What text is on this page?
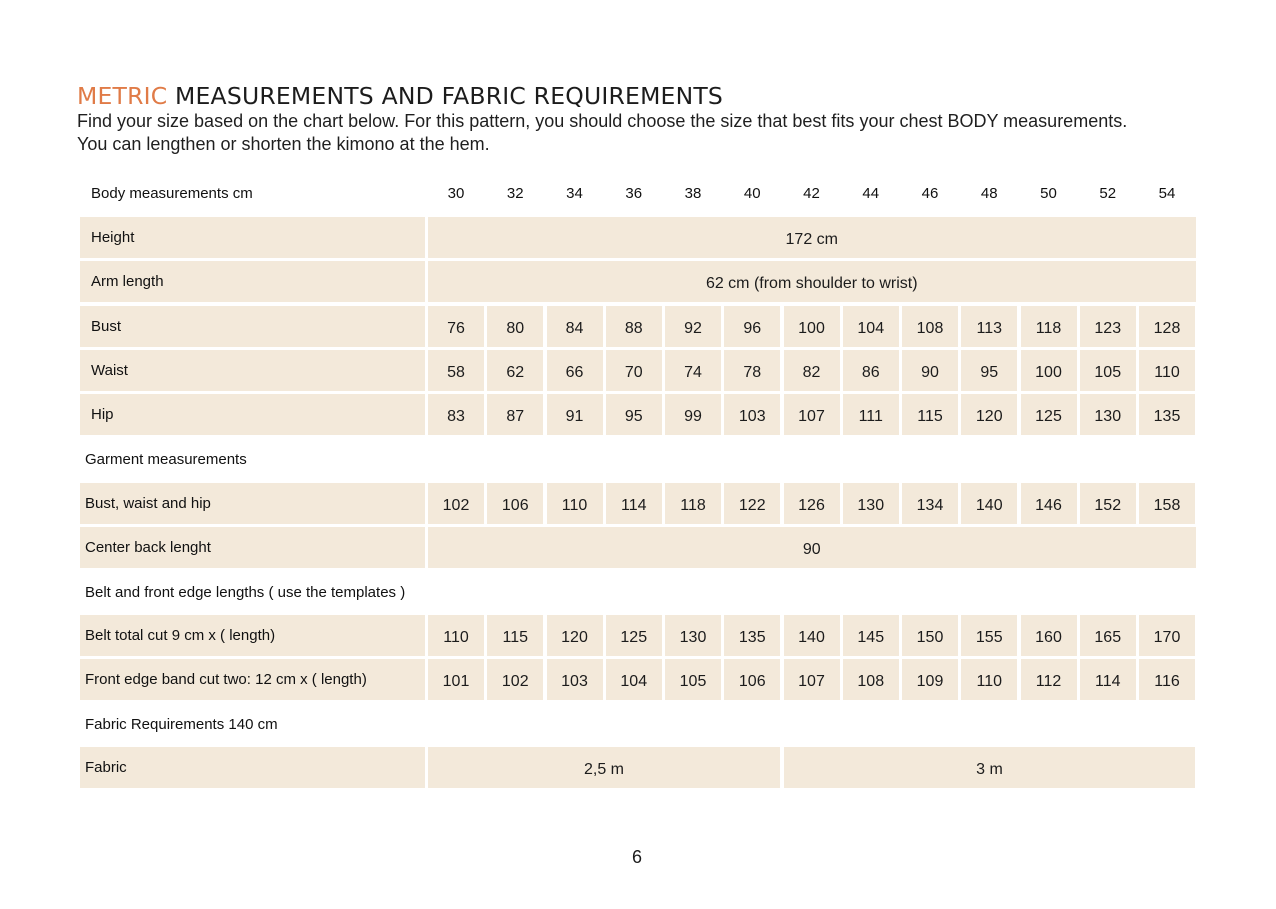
METRIC MEASUREMENTS AND FABRIC REQUIREMENTS
Find your size based on the chart below. For this pattern, you should choose the size that best fits your chest BODY measurements.
You can lengthen or shorten the kimono at the hem.
Body measurements cm	30	32	34	36	38	40	42	44	46	48	50	52	54
Height	172 cm
Arm length	62 cm (from shoulder to wrist)
Bust	76	80	84	88	92	96	100	104	108	113	118	123	128
Waist	58	62	66	70	74	78	82	86	90	95	100	105	110
Hip	83	87	91	95	99	103	107	111	115	120	125	130	135
Garment measurements
Bust, waist and hip	102	106	110	114	118	122	126	130	134	140	146	152	158
Center back lenght	90
Belt and front edge lengths ( use the templates )
Belt total cut 9 cm x ( length)	110	115	120	125	130	135	140	145	150	155	160	165	170
Front edge band cut two: 12 cm x ( length)	101	102	103	104	105	106	107	108	109	110	112	114	116
Fabric Requirements 140 cm
Fabric	2,5 m	3 m
6
